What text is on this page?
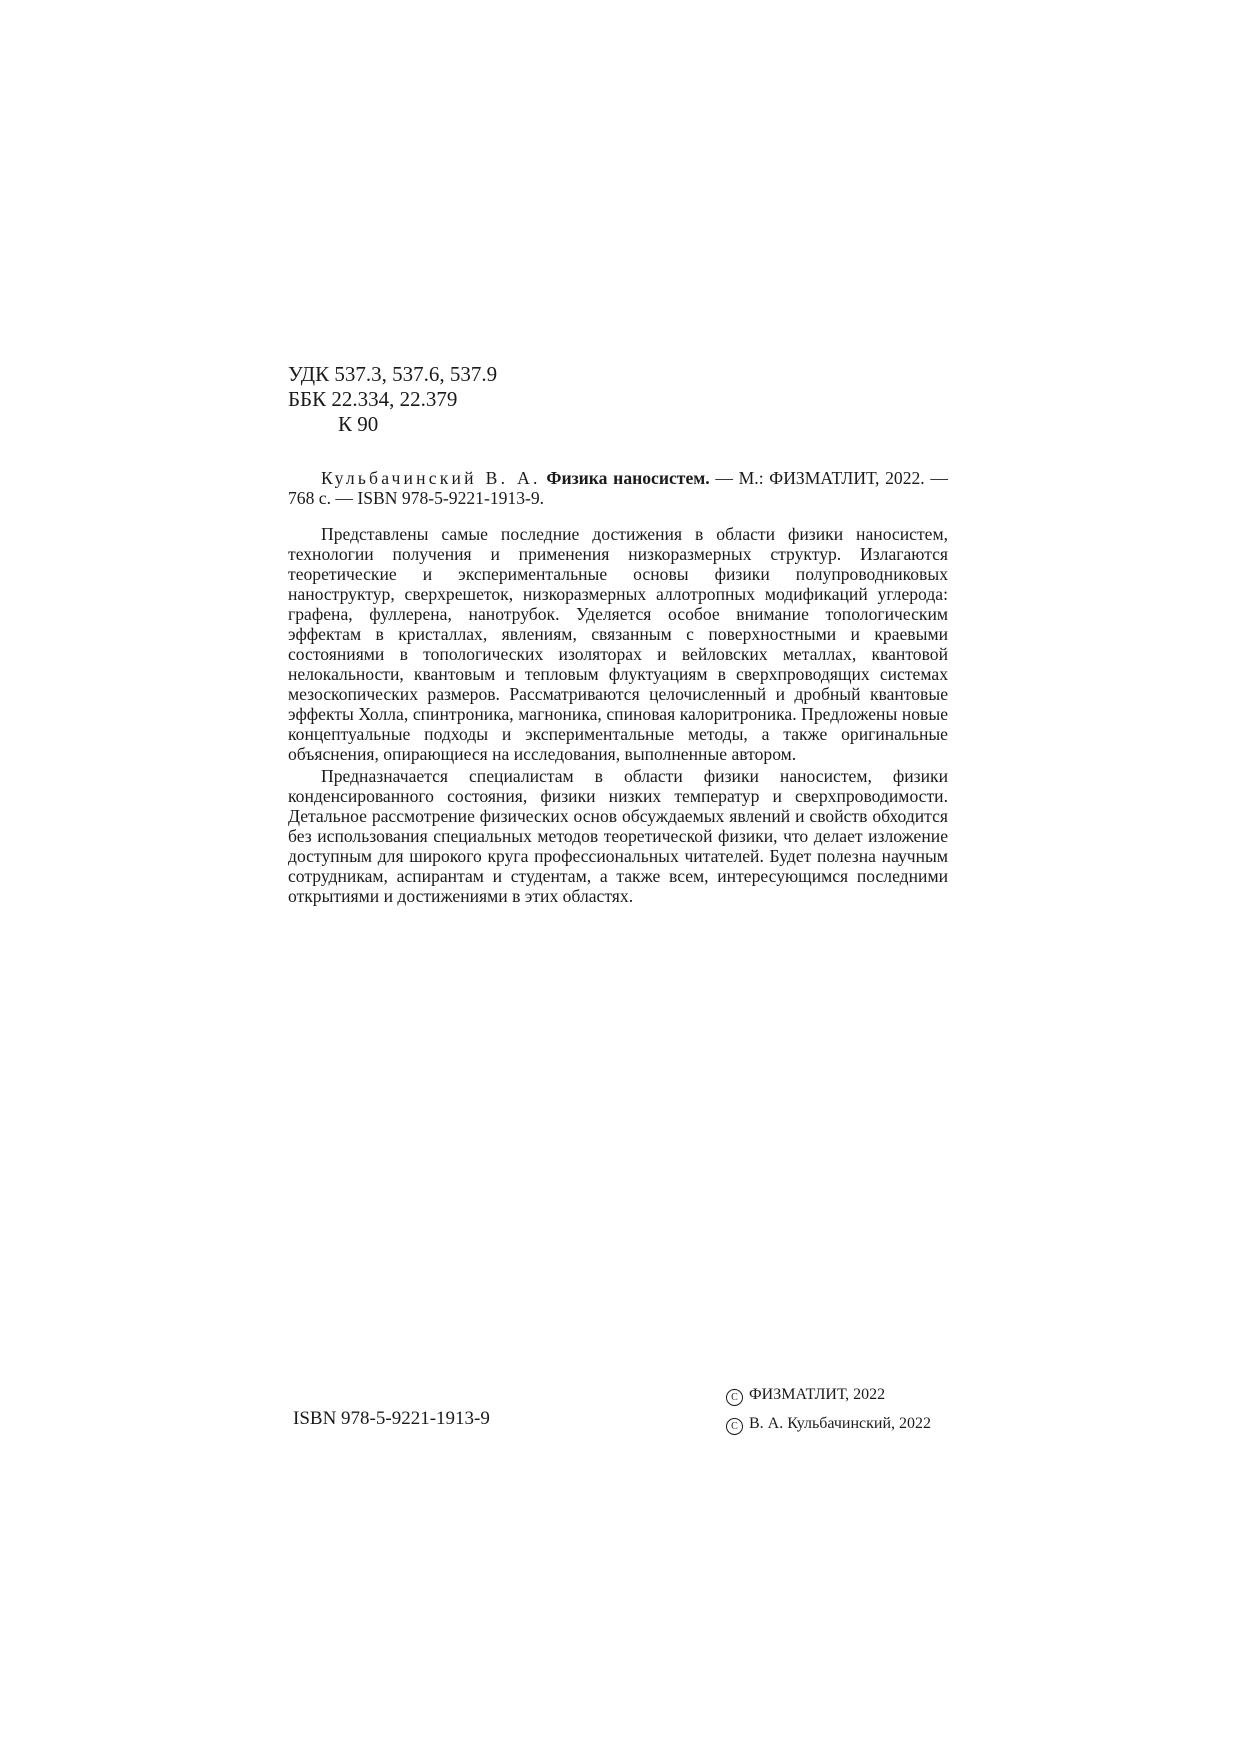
УДК 537.3, 537.6, 537.9
ББК 22.334, 22.379
К 90

Кульбачинский В. А. Физика наносистем. — М.: ФИЗМАТЛИТ, 2022. — 768 с. — ISBN 978-5-9221-1913-9.

Представлены самые последние достижения в области физики наносистем, технологии получения и применения низкоразмерных структур. Излагаются теоретические и экспериментальные основы физики полупроводниковых наноструктур, сверхрешеток, низкоразмерных аллотропных модификаций углерода: графена, фуллерена, нанотрубок. Уделяется особое внимание топологическим эффектам в кристаллах, явлениям, связанным с поверхностными и краевыми состояниями в топологических изоляторах и вейловских металлах, квантовой нелокальности, квантовым и тепловым флуктуациям в сверхпроводящих системах мезоскопических размеров. Рассматриваются целочисленный и дробный квантовые эффекты Холла, спинтроника, магноника, спиновая калоритроника. Предложены новые концептуальные подходы и экспериментальные методы, а также оригинальные объяснения, опирающиеся на исследования, выполненные автором.

Предназначается специалистам в области физики наносистем, физики конденсированного состояния, физики низких температур и сверхпроводимости. Детальное рассмотрение физических основ обсуждаемых явлений и свойств обходится без использования специальных методов теоретической физики, что делает изложение доступным для широкого круга профессиональных читателей. Будет полезна научным сотрудникам, аспирантам и студентам, а также всем, интересующимся последними открытиями и достижениями в этих областях.

ISBN 978-5-9221-1913-9
C ФИЗМАТЛИТ, 2022
C В. А. Кульбачинский, 2022
